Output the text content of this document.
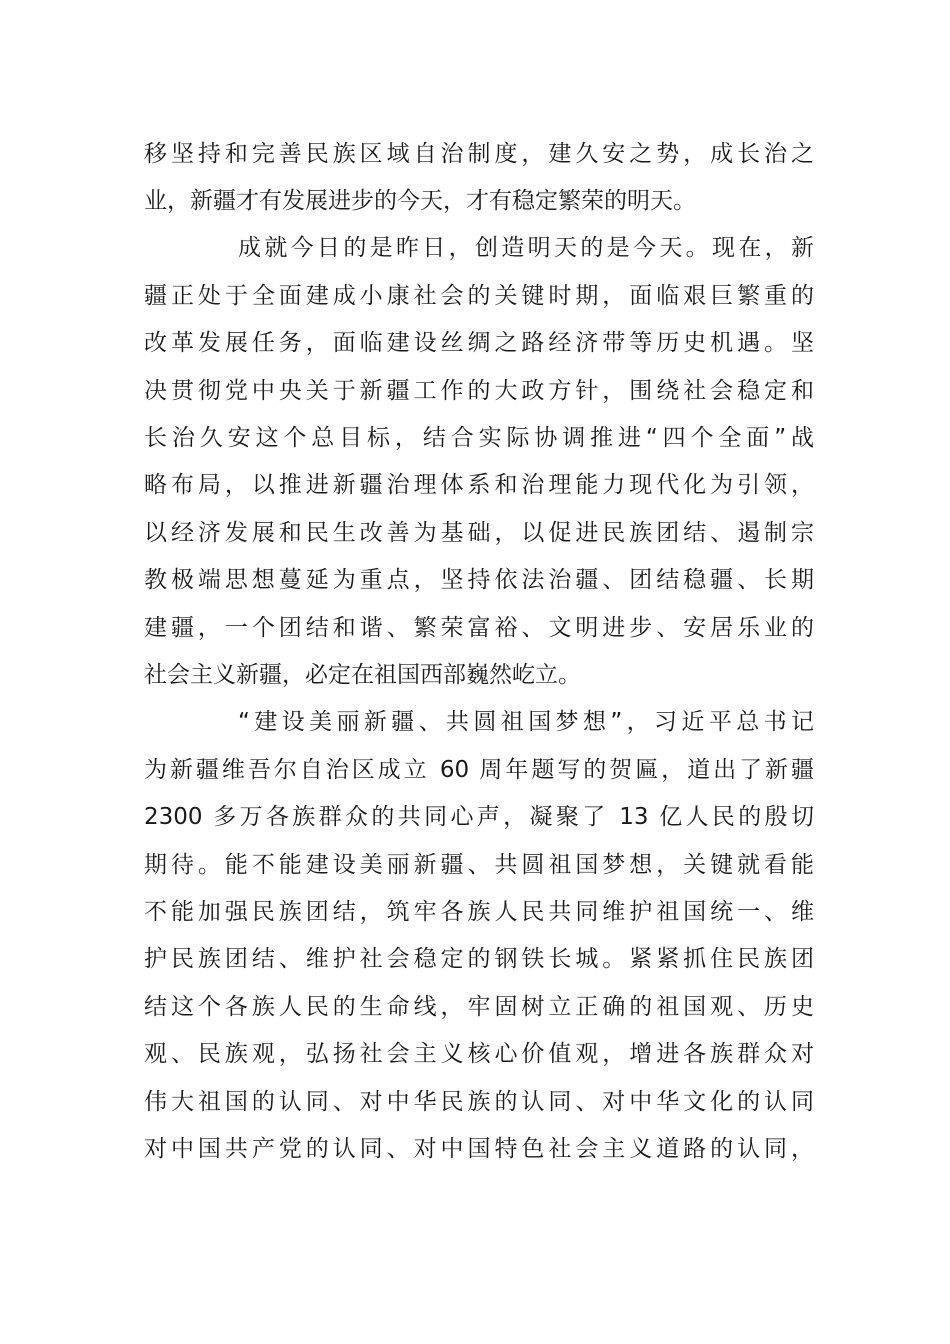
移坚持和完善民族区域自治制度，建久安之势，成长治之
业，新疆才有发展进步的今天，才有稳定繁荣的明天。
成就今日的是昨日，创造明天的是今天。现在，新
疆正处于全面建成小康社会的关键时期，面临艰巨繁重的
改革发展任务，面临建设丝绸之路经济带等历史机遇。坚
决贯彻党中央关于新疆工作的大政方针，围绕社会稳定和
长治久安这个总目标，结合实际协调推进“四个全面”战
略布局，以推进新疆治理体系和治理能力现代化为引领，
以经济发展和民生改善为基础，以促进民族团结、遏制宗
教极端思想蔓延为重点，坚持依法治疆、团结稳疆、长期
建疆，一个团结和谐、繁荣富裕、文明进步、安居乐业的
社会主义新疆，必定在祖国西部巍然屹立。
“建设美丽新疆、共圆祖国梦想”，习近平总书记
为新疆维吾尔自治区成立 60 周年题写的贺匾，道出了新疆
2300 多万各族群众的共同心声，凝聚了 13 亿人民的殷切
期待。能不能建设美丽新疆、共圆祖国梦想，关键就看能
不能加强民族团结，筑牢各族人民共同维护祖国统一、维
护民族团结、维护社会稳定的钢铁长城。紧紧抓住民族团
结这个各族人民的生命线，牢固树立正确的祖国观、历史
观、民族观，弘扬社会主义核心价值观，增进各族群众对
伟大祖国的认同、对中华民族的认同、对中华文化的认同
对中国共产党的认同、对中国特色社会主义道路的认同，
